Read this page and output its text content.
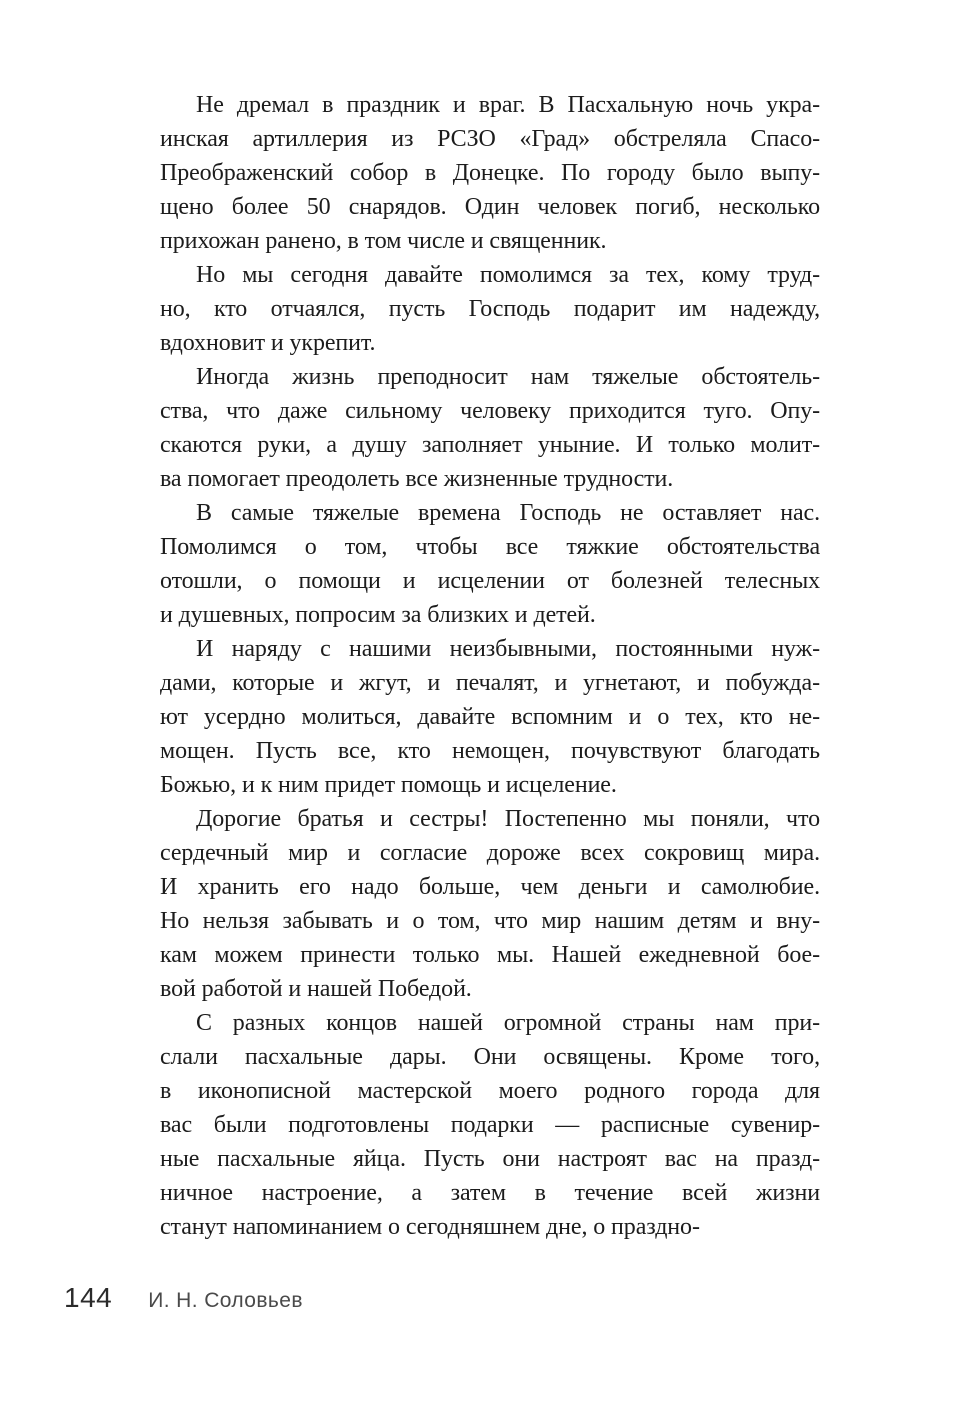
Не дремал в праздник и враг. В Пасхальную ночь укра-
инская артиллерия из РСЗО «Град» обстреляла Спасо-
Преображенский собор в Донецке. По городу было выпу-
щено более 50 снарядов. Один человек погиб, несколько
прихожан ранено, в том числе и священник.

Но мы сегодня давайте помолимся за тех, кому труд-
но, кто отчаялся, пусть Господь подарит им надежду,
вдохновит и укрепит.

Иногда жизнь преподносит нам тяжелые обстоятель-
ства, что даже сильному человеку приходится туго. Опу-
скаются руки, а душу заполняет уныние. И только молит-
ва помогает преодолеть все жизненные трудности.

В самые тяжелые времена Господь не оставляет нас.
Помолимся о том, чтобы все тяжкие обстоятельства
отошли, о помощи и исцелении от болезней телесных
и душевных, попросим за близких и детей.

И наряду с нашими неизбывными, постоянными нуж-
дами, которые и жгут, и печалят, и угнетают, и побужда-
ют усердно молиться, давайте вспомним и о тех, кто не-
мощен. Пусть все, кто немощен, почувствуют благодать
Божью, и к ним придет помощь и исцеление.

Дорогие братья и сестры! Постепенно мы поняли, что
сердечный мир и согласие дороже всех сокровищ мира.
И хранить его надо больше, чем деньги и самолюбие.
Но нельзя забывать и о том, что мир нашим детям и вну-
кам можем принести только мы. Нашей ежедневной бое-
вой работой и нашей Победой.

С разных концов нашей огромной страны нам при-
слали пасхальные дары. Они освящены. Кроме того,
в иконописной мастерской моего родного города для
вас были подготовлены подарки — расписные сувенир-
ные пасхальные яйца. Пусть они настроят вас на празд-
ничное настроение, а затем в течение всей жизни
станут напоминанием о сегодняшнем дне, о праздно-

144 И. Н. Соловьев
